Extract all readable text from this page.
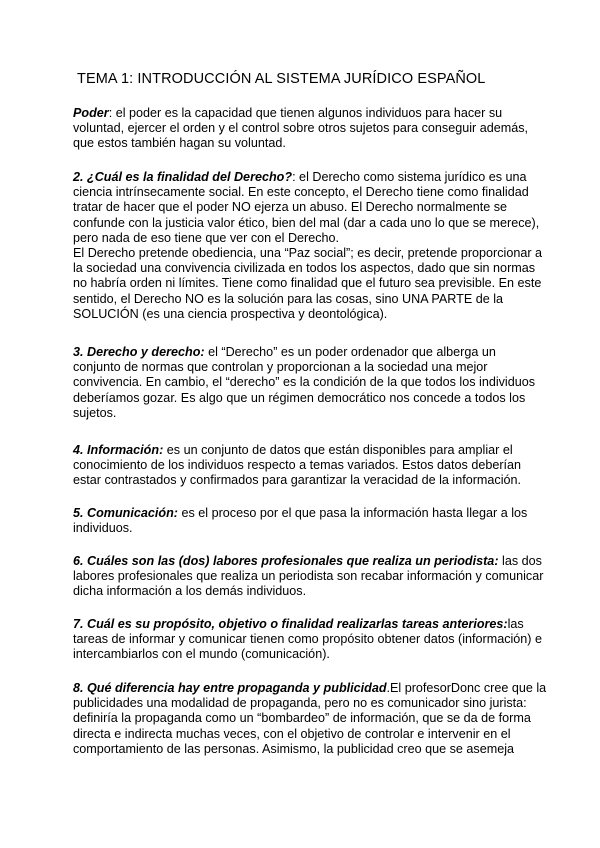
TEMA 1: INTRODUCCIÓN AL SISTEMA JURÍDICO ESPAÑOL

Poder: el poder es la capacidad que tienen algunos individuos para hacer su
voluntad, ejercer el orden y el control sobre otros sujetos para conseguir además,
que estos también hagan su voluntad.

2. ¿Cuál es la finalidad del Derecho?: el Derecho como sistema jurídico es una
ciencia intrínsecamente social. En este concepto, el Derecho tiene como finalidad
tratar de hacer que el poder NO ejerza un abuso. El Derecho normalmente se
confunde con la justicia valor ético, bien del mal (dar a cada uno lo que se merece),
pero nada de eso tiene que ver con el Derecho.
El Derecho pretende obediencia, una “Paz social”; es decir, pretende proporcionar a
la sociedad una convivencia civilizada en todos los aspectos, dado que sin normas
no habría orden ni límites. Tiene como finalidad que el futuro sea previsible. En este
sentido, el Derecho NO es la solución para las cosas, sino UNA PARTE de la
SOLUCIÓN (es una ciencia prospectiva y deontológica).

3. Derecho y derecho: el “Derecho” es un poder ordenador que alberga un
conjunto de normas que controlan y proporcionan a la sociedad una mejor
convivencia. En cambio, el “derecho” es la condición de la que todos los individuos
deberíamos gozar. Es algo que un régimen democrático nos concede a todos los
sujetos.

4. Información: es un conjunto de datos que están disponibles para ampliar el
conocimiento de los individuos respecto a temas variados. Estos datos deberían
estar contrastados y confirmados para garantizar la veracidad de la información.

5. Comunicación: es el proceso por el que pasa la información hasta llegar a los
individuos.

6. Cuáles son las (dos) labores profesionales que realiza un periodista: las dos
labores profesionales que realiza un periodista son recabar información y comunicar
dicha información a los demás individuos.

7. Cuál es su propósito, objetivo o finalidad realizarlas tareas anteriores:las
tareas de informar y comunicar tienen como propósito obtener datos (información) e
intercambiarlos con el mundo (comunicación).

8. Qué diferencia hay entre propaganda y publicidad.El profesorDonc cree que la
publicidades una modalidad de propaganda, pero no es comunicador sino jurista:
definiría la propaganda como un “bombardeo” de información, que se da de forma
directa e indirecta muchas veces, con el objetivo de controlar e intervenir en el
comportamiento de las personas. Asimismo, la publicidad creo que se asemeja
